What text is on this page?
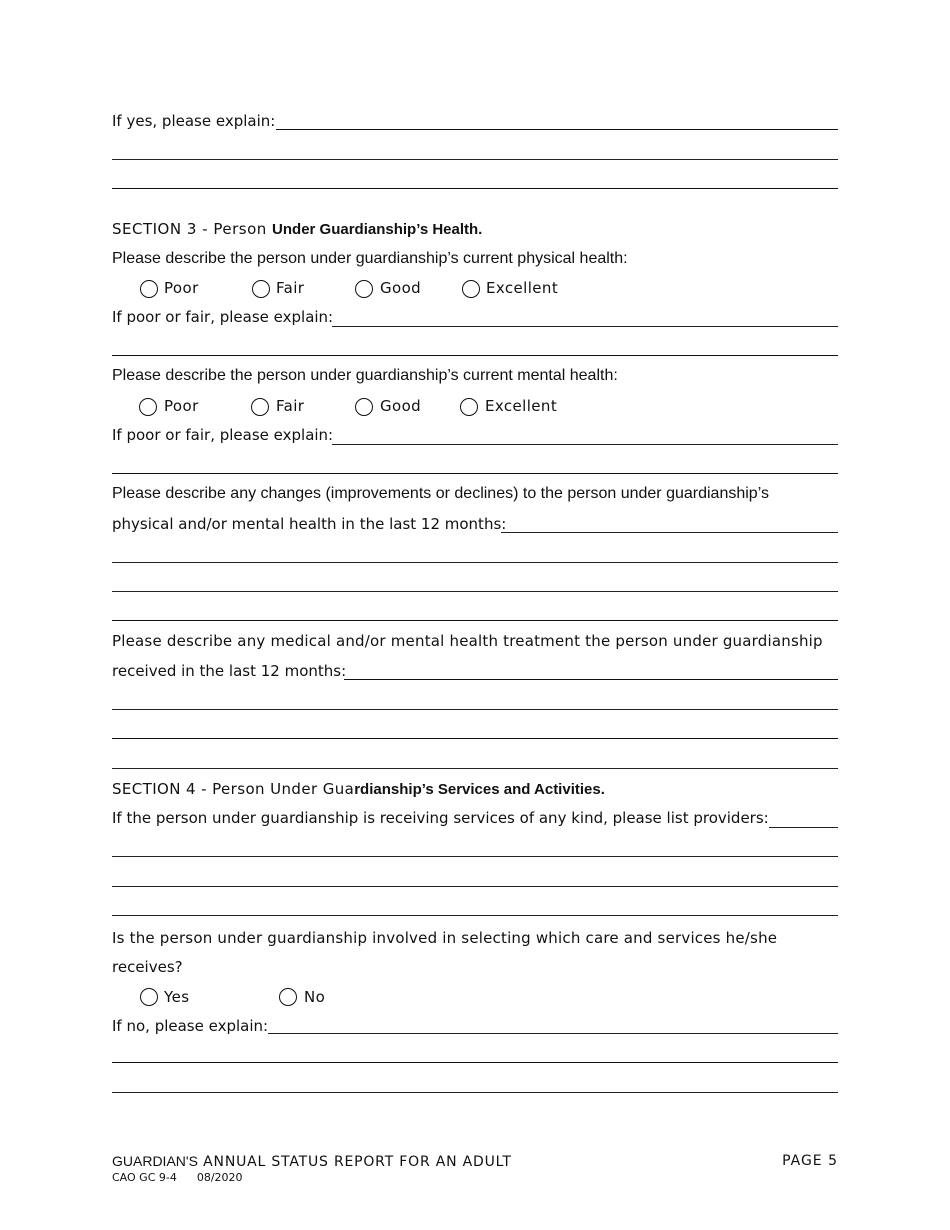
If yes, please explain:
SECTION 3 - Person Under Guardianship’s Health.
Please describe the person under guardianship’s current physical health:
Poor	Fair	Good	Excellent
If poor or fair, please explain:
Please describe the person under guardianship’s current mental health:
Poor	Fair	Good	Excellent
If poor or fair, please explain:
Please describe any changes (improvements or declines) to the person under guardianship’s
physical and/or mental health in the last 12 months:
Please describe any medical and/or mental health treatment the person under guardianship
received in the last 12 months:
SECTION 4 - Person Under Guardianship’s Services and Activities.
If the person under guardianship is receiving services of any kind, please list providers:
Is the person under guardianship involved in selecting which care and services he/she
receives?
Yes	No
If no, please explain:
GUARDIAN'S ANNUAL STATUS REPORT FOR AN ADULT
CAO GC 9-4 08/2020
PAGE 5
